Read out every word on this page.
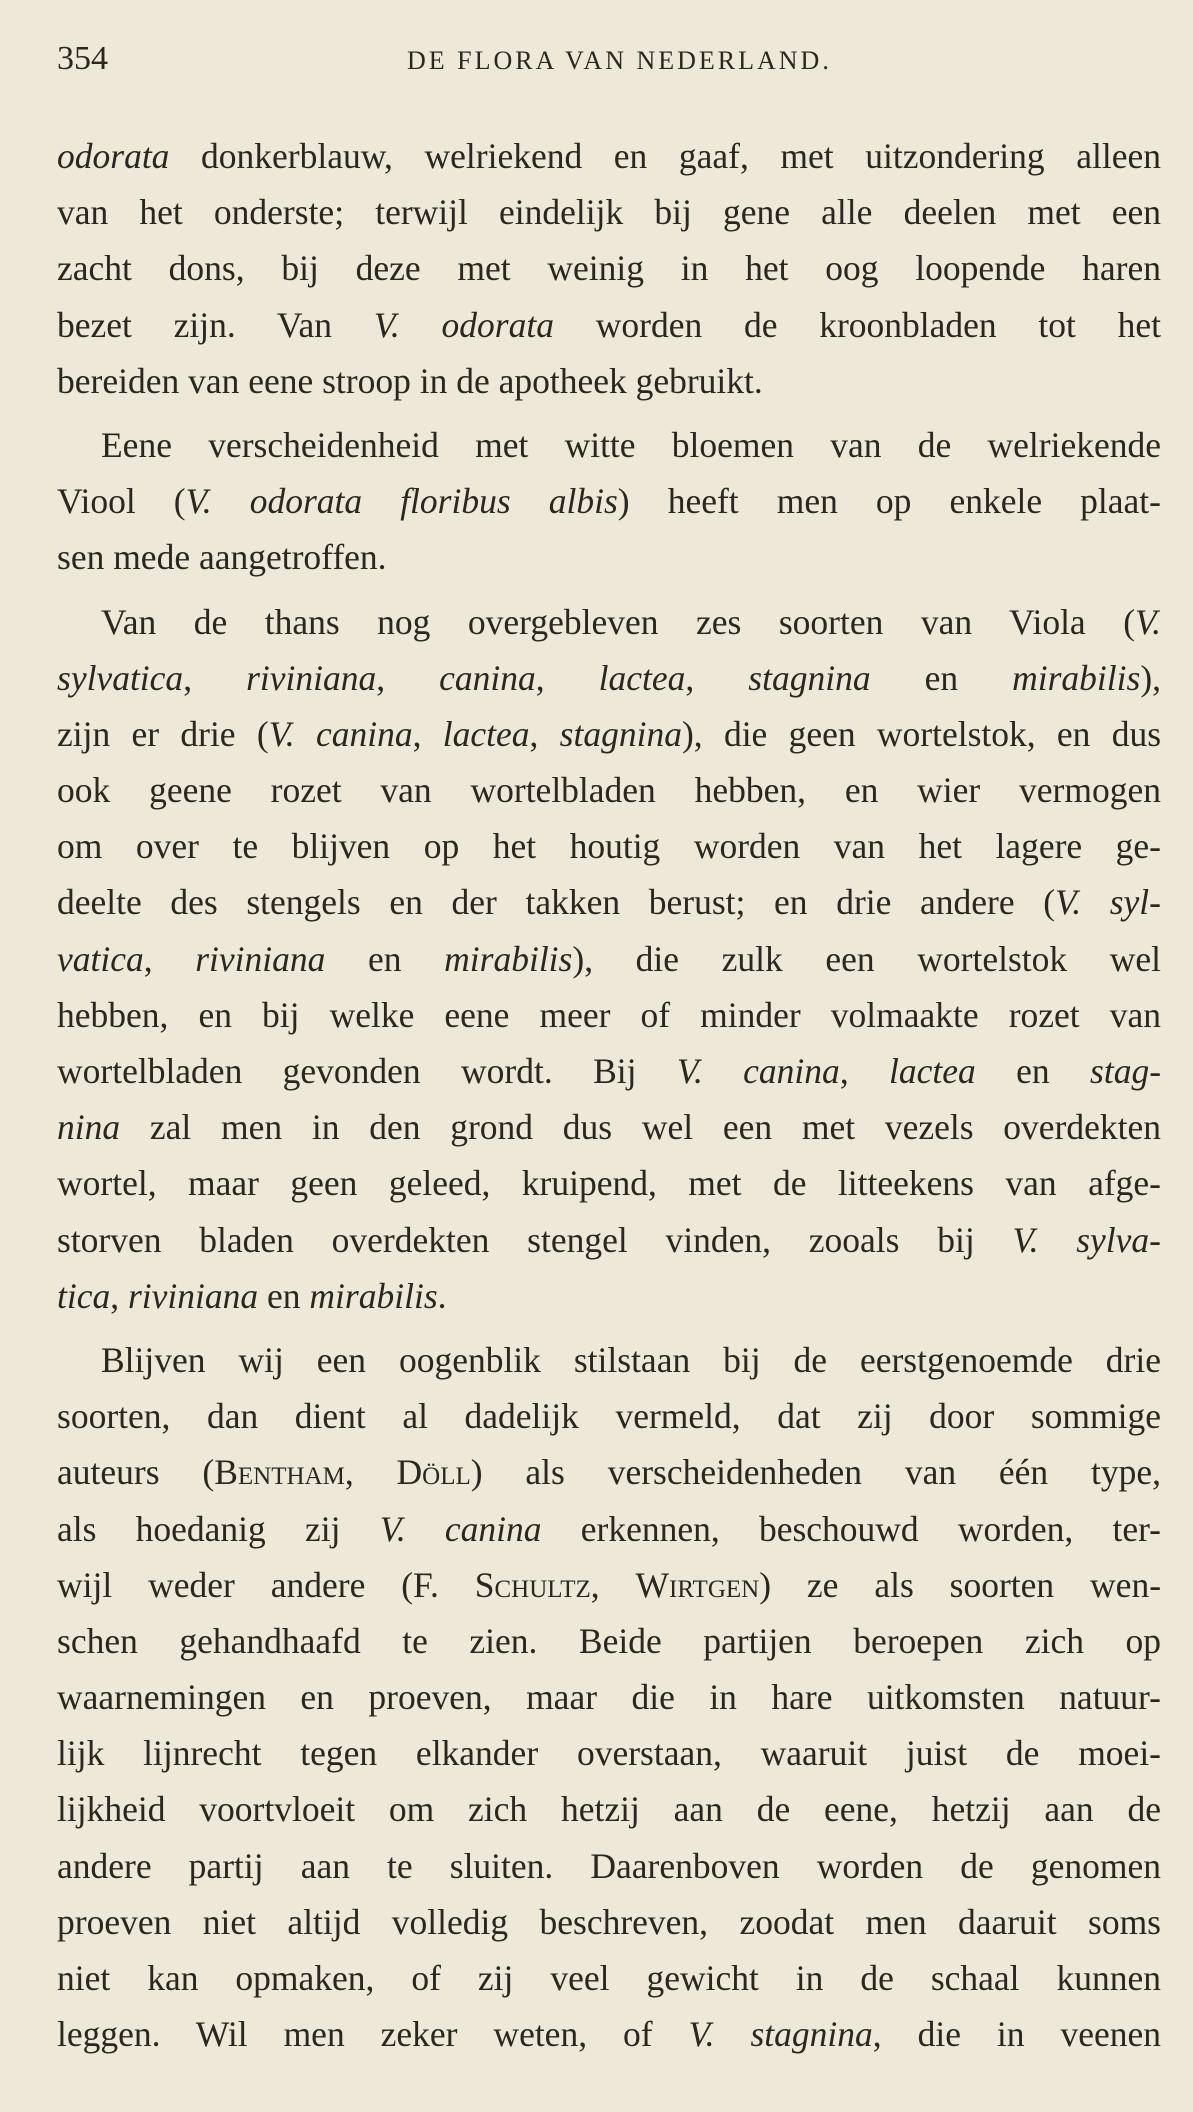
354	DE FLORA VAN NEDERLAND.
odorata donkerblauw, welriekend en gaaf, met uitzondering alleen
van het onderste; terwijl eindelijk bij gene alle deelen met een
zacht dons, bij deze met weinig in het oog loopende haren
bezet zijn. Van V. odorata worden de kroonbladen tot het
bereiden van eene stroop in de apotheek gebruikt.
Eene verscheidenheid met witte bloemen van de welriekende
Viool (V. odorata floribus albis) heeft men op enkele plaat-
sen mede aangetroffen.
Van de thans nog overgebleven zes soorten van Viola (V.
sylvatica, riviniana, canina, lactea, stagnina en mirabilis),
zijn er drie (V. canina, lactea, stagnina), die geen wortelstok, en dus
ook geene rozet van wortelbladen hebben, en wier vermogen
om over te blijven op het houtig worden van het lagere ge-
deelte des stengels en der takken berust; en drie andere (V. syl-
vatica, riviniana en mirabilis), die zulk een wortelstok wel
hebben, en bij welke eene meer of minder volmaakte rozet van
wortelbladen gevonden wordt. Bij V. canina, lactea en stag-
nina zal men in den grond dus wel een met vezels overdekten
wortel, maar geen geleed, kruipend, met de litteekens van afge-
storven bladen overdekten stengel vinden, zooals bij V. sylva-
tica, riviniana en mirabilis.
Blijven wij een oogenblik stilstaan bij de eerstgenoemde drie
soorten, dan dient al dadelijk vermeld, dat zij door sommige
auteurs (Bentham, Döll) als verscheidenheden van één type,
als hoedanig zij V. canina erkennen, beschouwd worden, ter-
wijl weder andere (F. Schultz, Wirtgen) ze als soorten wen-
schen gehandhaafd te zien. Beide partijen beroepen zich op
waarnemingen en proeven, maar die in hare uitkomsten natuur-
lijk lijnrecht tegen elkander overstaan, waaruit juist de moei-
lijkheid voortvloeit om zich hetzij aan de eene, hetzij aan de
andere partij aan te sluiten. Daarenboven worden de genomen
proeven niet altijd volledig beschreven, zoodat men daaruit soms
niet kan opmaken, of zij veel gewicht in de schaal kunnen
leggen. Wil men zeker weten, of V. stagnina, die in veenen
